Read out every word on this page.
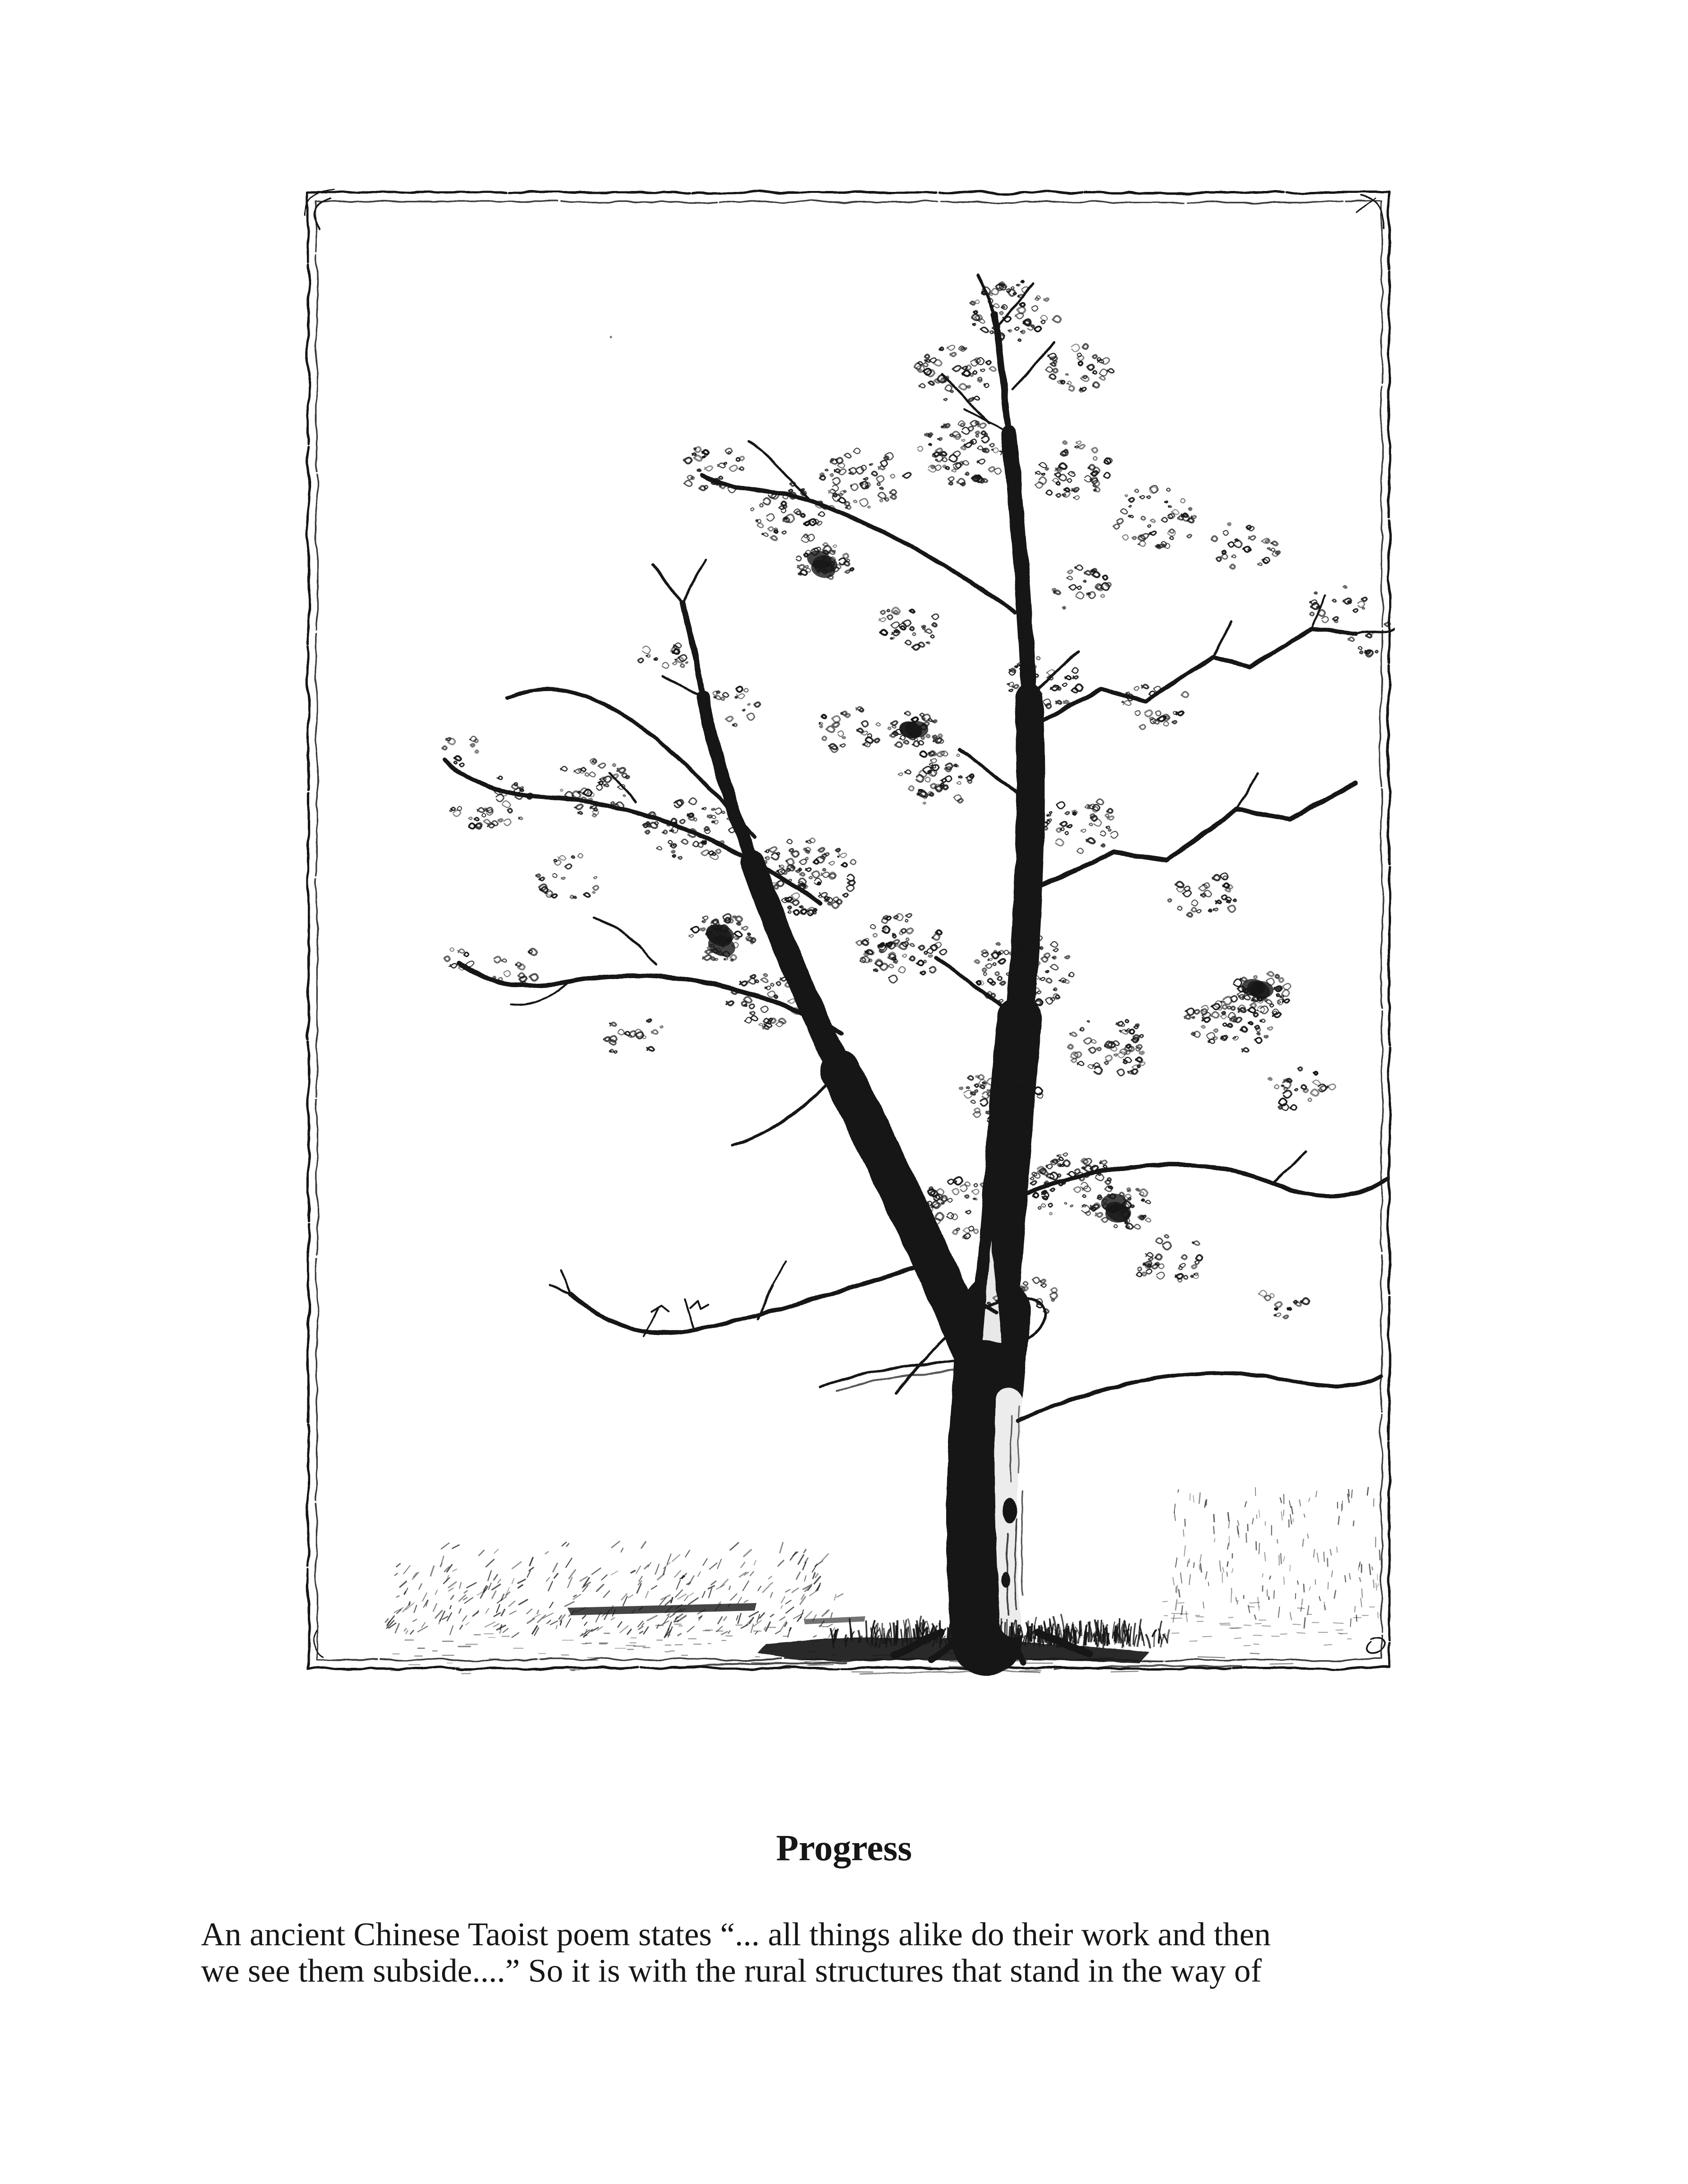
Progress

An ancient Chinese Taoist poem states “... all things alike do their work and then
we see them subside....” So it is with the rural structures that stand in the way of
